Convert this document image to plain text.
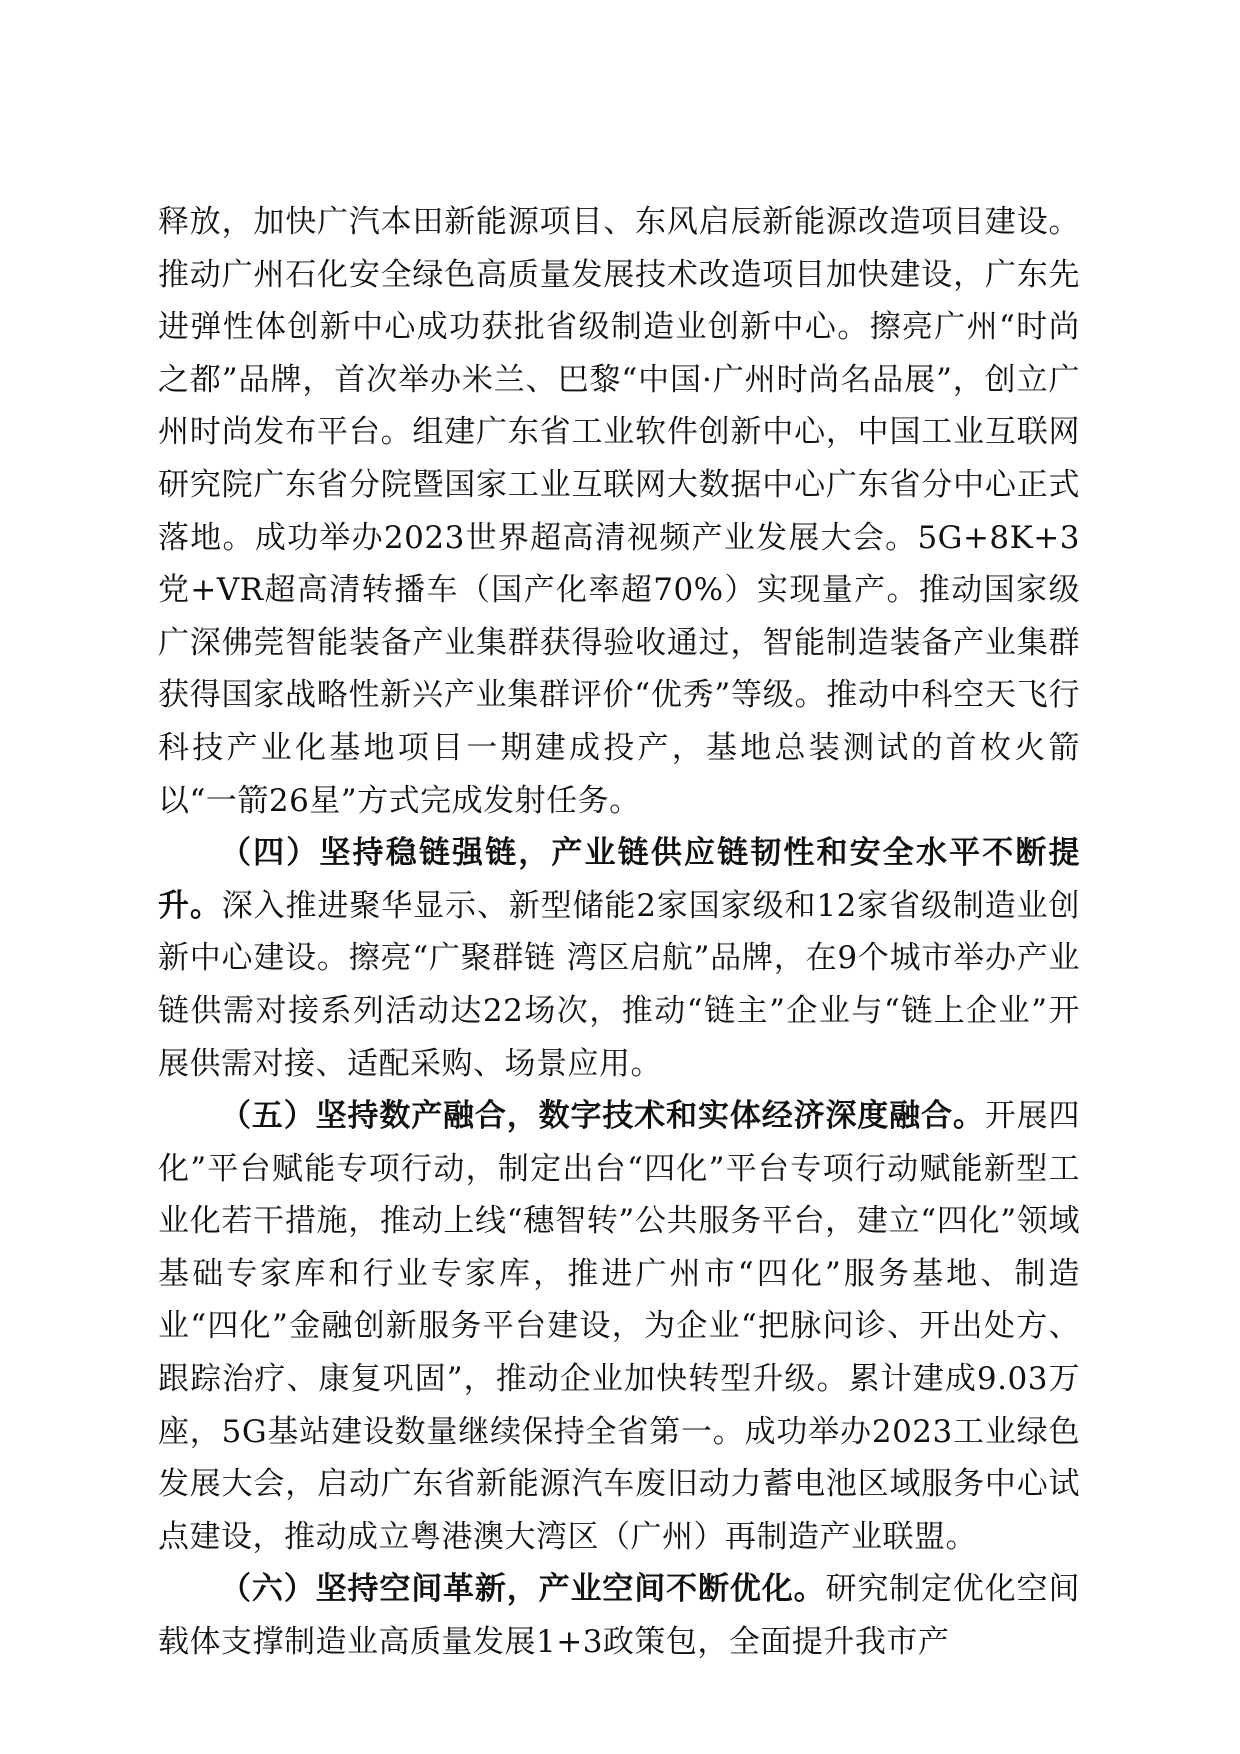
释放，加快广汽本田新能源项目、东风启辰新能源改造项目建设。推动广州石化安全绿色高质量发展技术改造项目加快建设，广东先进弹性体创新中心成功获批省级制造业创新中心。擦亮广州“时尚之都”品牌，首次举办米兰、巴黎“中国·广州时尚名品展”，创立广州时尚发布平台。组建广东省工业软件创新中心，中国工业互联网研究院广东省分院暨国家工业互联网大数据中心广东省分中心正式落地。成功举办2023世界超高清视频产业发展大会。5G+8K+3党+VR超高清转播车（国产化率超70%）实现量产。推动国家级广深佛莞智能装备产业集群获得验收通过，智能制造装备产业集群获得国家战略性新兴产业集群评价“优秀”等级。推动中科空天飞行科技产业化基地项目一期建成投产，基地总装测试的首枚火箭以“一箭26星”方式完成发射任务。

（四）坚持稳链强链，产业链供应链韧性和安全水平不断提升。深入推进聚华显示、新型储能2家国家级和12家省级制造业创新中心建设。擦亮“广聚群链 湾区启航”品牌，在9个城市举办产业链供需对接系列活动达22场次，推动“链主”企业与“链上企业”开展供需对接、适配采购、场景应用。

（五）坚持数产融合，数字技术和实体经济深度融合。开展四化”平台赋能专项行动，制定出台“四化”平台专项行动赋能新型工业化若干措施，推动上线“穗智转”公共服务平台，建立“四化”领域基础专家库和行业专家库，推进广州市“四化”服务基地、制造业“四化”金融创新服务平台建设，为企业“把脉问诊、开出处方、跟踪治疗、康复巩固”，推动企业加快转型升级。累计建成9.03万座，5G基站建设数量继续保持全省第一。成功举办2023工业绿色发展大会，启动广东省新能源汽车废旧动力蓄电池区域服务中心试点建设，推动成立粤港澳大湾区（广州）再制造产业联盟。

（六）坚持空间革新，产业空间不断优化。研究制定优化空间载体支撑制造业高质量发展1+3政策包，全面提升我市产
